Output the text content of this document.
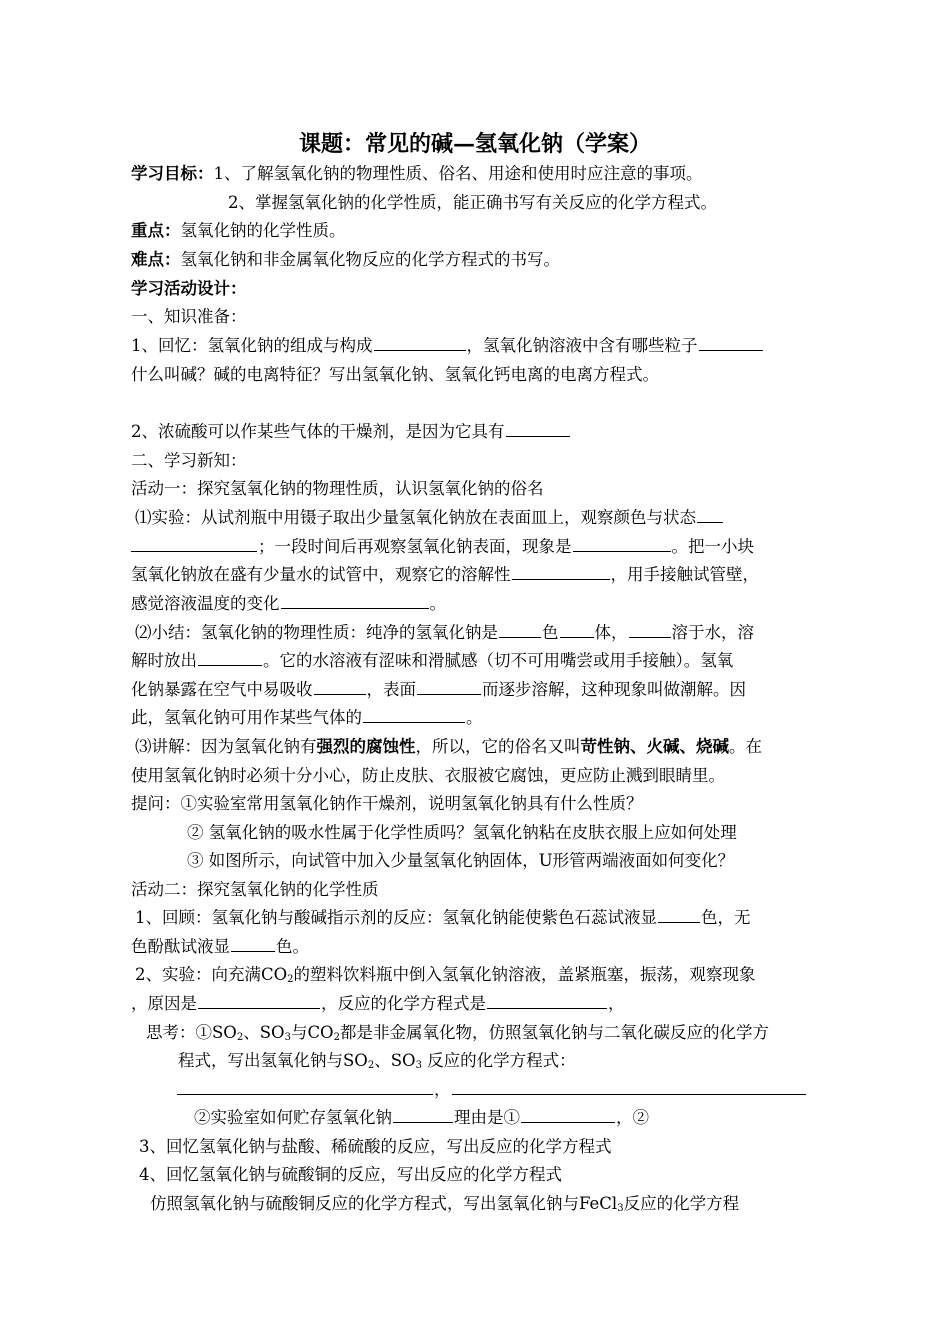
课题：常见的碱—氢氧化钠（学案）
学习目标：1、了解氢氧化钠的物理性质、俗名、用途和使用时应注意的事项。
2、掌握氢氧化钠的化学性质，能正确书写有关反应的化学方程式。
重点：氢氧化钠的化学性质。
难点：氢氧化钠和非金属氧化物反应的化学方程式的书写。
学习活动设计：
一、知识准备：
1、回忆：氢氧化钠的组成与构成	，氢氧化钠溶液中含有哪些粒子
什么叫碱？碱的电离特征？写出氢氧化钠、氢氧化钙电离的电离方程式。
2、浓硫酸可以作某些气体的干燥剂，是因为它具有
二、学习新知：
活动一：探究氢氧化钠的物理性质，认识氢氧化钠的俗名
⑴实验：从试剂瓶中用镊子取出少量氢氧化钠放在表面皿上，观察颜色与状态
；一段时间后再观察氢氧化钠表面，现象是	。把一小块
氢氧化钠放在盛有少量水的试管中，观察它的溶解性	，用手接触试管壁，
感觉溶液温度的变化	。
⑵小结：氢氧化钠的物理性质：纯净的氢氧化钠是	色 体，	溶于水，溶
解时放出	。它的水溶液有涩味和滑腻感（切不可用嘴尝或用手接触）。氢氧
化钠暴露在空气中易吸收	，表面	而逐步溶解，这种现象叫做潮解。因
此，氢氧化钠可用作某些气体的	。
⑶讲解：因为氢氧化钠有强烈的腐蚀性，所以，它的俗名又叫苛性钠、火碱、烧碱。在
使用氢氧化钠时必须十分小心，防止皮肤、衣服被它腐蚀，更应防止溅到眼睛里。
提问：①实验室常用氢氧化钠作干燥剂，说明氢氧化钠具有什么性质？
② 氢氧化钠的吸水性属于化学性质吗？氢氧化钠粘在皮肤衣服上应如何处理
③ 如图所示，向试管中加入少量氢氧化钠固体，U形管两端液面如何变化？
活动二：探究氢氧化钠的化学性质
1、回顾：氢氧化钠与酸碱指示剂的反应：氢氧化钠能使紫色石蕊试液显	色，无
色酚酞试液显	色。
2、实验：向充满$CO_2$的塑料饮料瓶中倒入氢氧化钠溶液，盖紧瓶塞，振荡，观察现象
，原因是	，反应的化学方程式是	，
思考：$①SO_2$、$SO_3$与$CO_2$都是非金属氧化物，仿照氢氧化钠与二氧化碳反应的化学方
程式，写出氢氧化钠与$SO_2$、$SO_3$ 反应的化学方程式：
，
②实验室如何贮存氢氧化钠	理由是①	，②
3、回忆氢氧化钠与盐酸、稀硫酸的反应，写出反应的化学方程式
4、回忆氢氧化钠与硫酸铜的反应，写出反应的化学方程式
仿照氢氧化钠与硫酸铜反应的化学方程式，写出氢氧化钠与FeCl$_3$反应的化学方程
